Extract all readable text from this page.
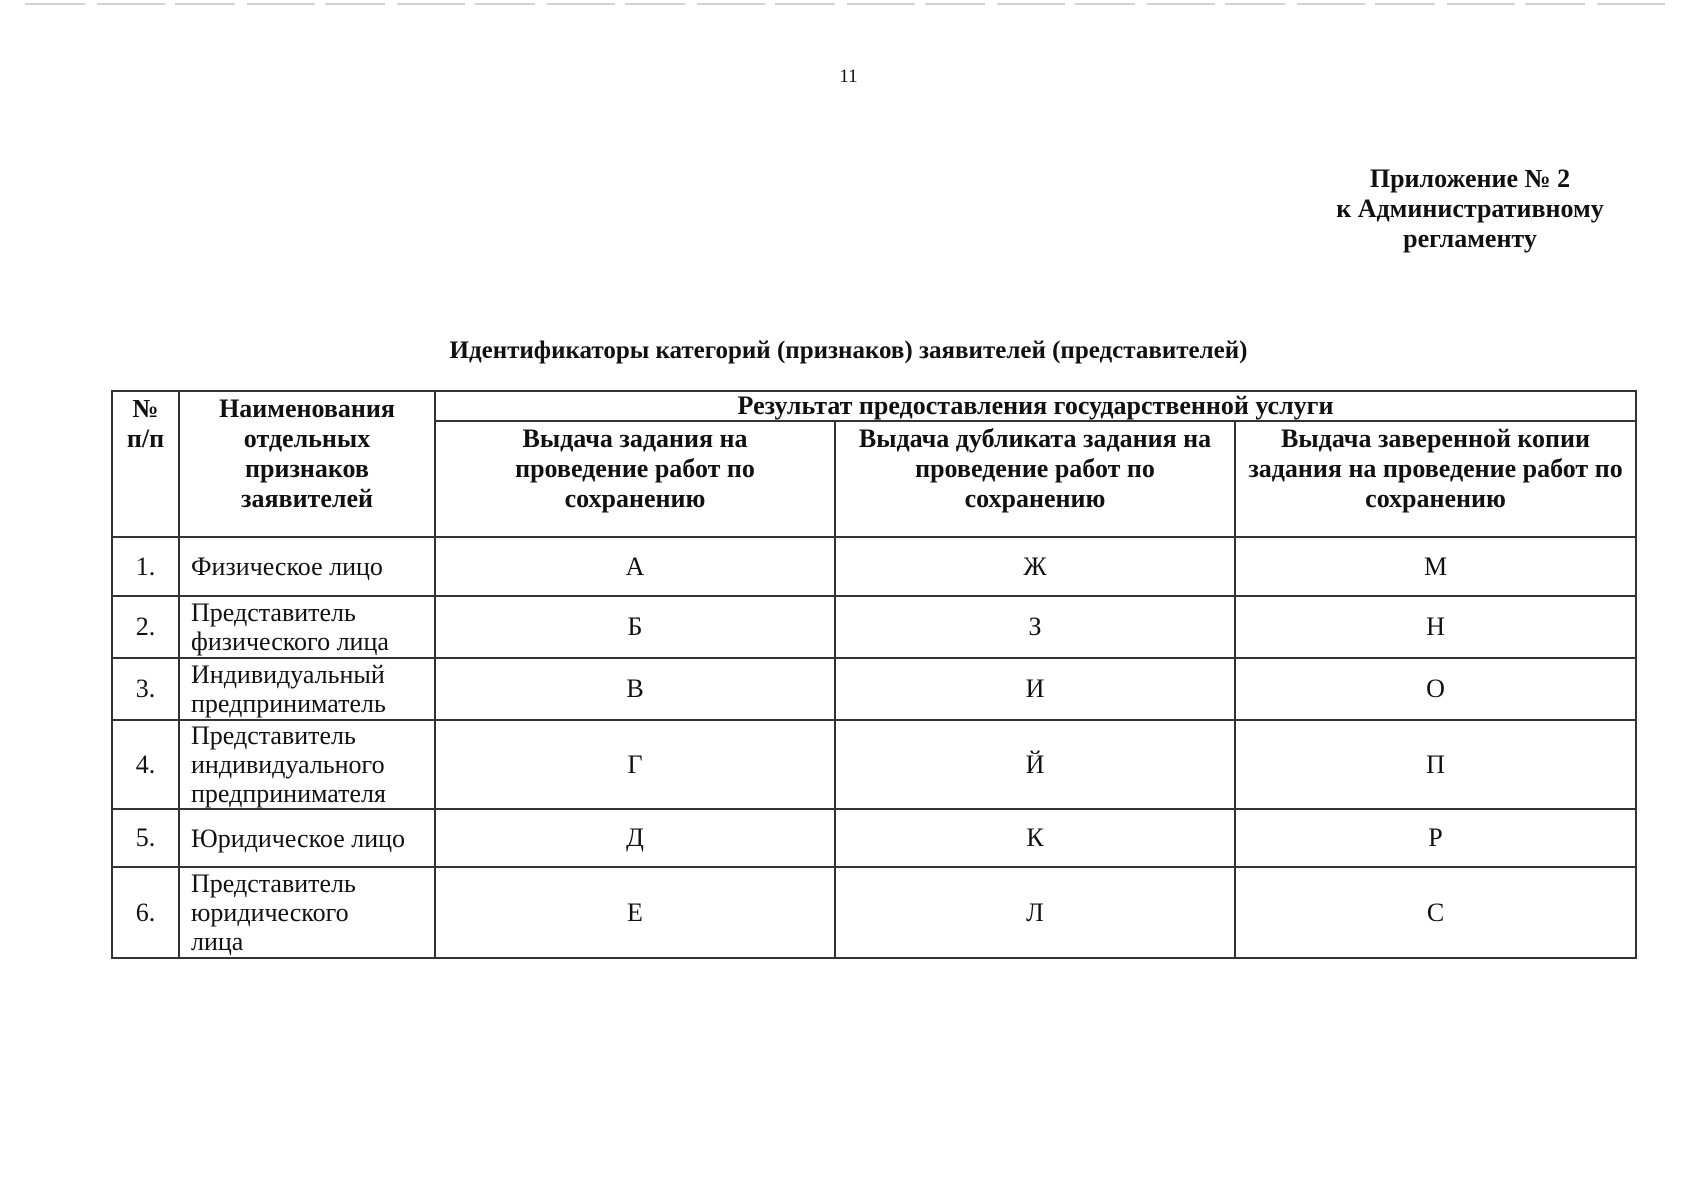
11
Приложение № 2
к Административному
регламенту
Идентификаторы категорий (признаков) заявителей (представителей)
№ п/п	Наименования отдельных признаков заявителей	Результат предоставления государственной услуги		

		Выдача задания на проведение работ по сохранению	Выдача дубликата задания на проведение работ по сохранению	Выдача заверенной копии задания на проведение работ по сохранению

1.	Физическое лицо	А	Ж	М
2.	Представитель физического лица	Б	З	Н
3.	Индивидуальный предприниматель	В	И	О
4.	Представитель индивидуального предпринимателя	Г	Й	П
5.	Юридическое лицо	Д	К	Р
6.	Представитель юридического лица	Е	Л	С
